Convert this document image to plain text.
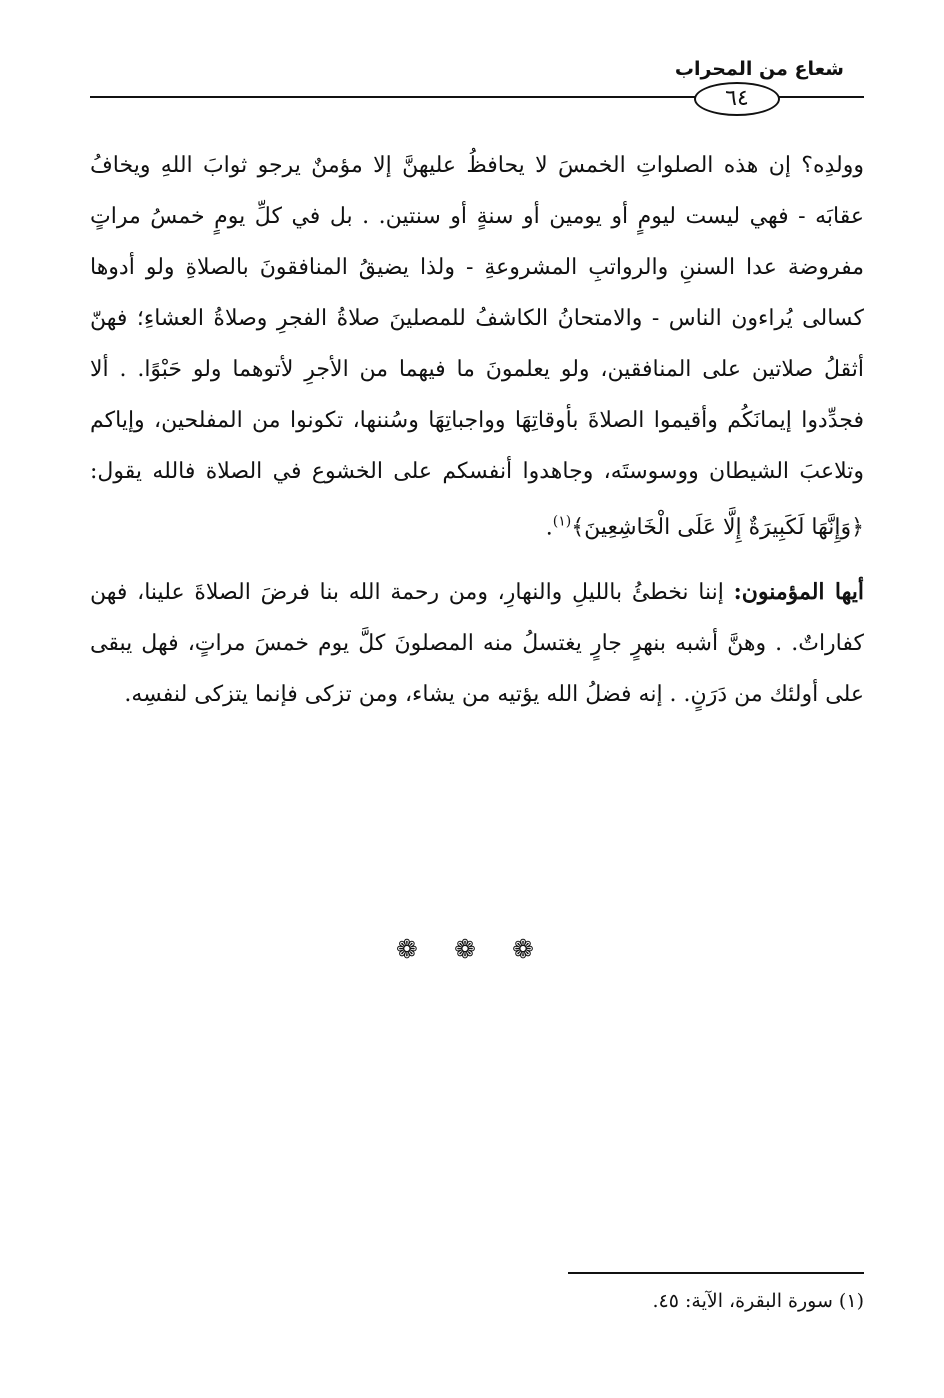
شعاع من المحراب
٦٤

وولدِه؟ إن هذه الصلواتِ الخمسَ لا يحافظُ عليهنَّ إلا مؤمنٌ يرجو ثوابَ اللهِ ويخافُ عقابَه - فهي ليست ليومٍ أو يومين أو سنةٍ أو سنتين. . بل في كلِّ يومٍ خمسُ مراتٍ مفروضة عدا السننِ والرواتبِ المشروعةِ - ولذا يضيقُ المنافقونَ بالصلاةِ ولو أدوها كسالى يُراءون الناس - والامتحانُ الكاشفُ للمصلينَ صلاةُ الفجرِ وصلاةُ العشاءِ؛ فهنّ أثقلُ صلاتين على المنافقين، ولو يعلمونَ ما فيهما من الأجرِ لأتوهما ولو حَبْوًا. . ألا فجدِّدوا إيمانَكُم وأقيموا الصلاةَ بأوقاتِهَا وواجباتِهَا وسُننها، تكونوا من المفلحين، وإياكم وتلاعبَ الشيطان ووسوستَه، وجاهدوا أنفسكم على الخشوع في الصلاة فالله يقول: ﴿وَإِنَّهَا لَكَبِيرَةٌ إِلَّا عَلَى الْخَاشِعِينَ﴾$^{(١)}$.

أيها المؤمنون: إننا نخطئُ بالليلِ والنهارِ، ومن رحمة الله بنا فرضَ الصلاةَ علينا، فهن كفاراتٌ. . وهنَّ أشبه بنهرٍ جارٍ يغتسلُ منه المصلونَ كلَّ يوم خمسَ مراتٍ، فهل يبقى على أولئك من دَرَنٍ. . إنه فضلُ الله يؤتيه من يشاء، ومن تزكى فإنما يتزكى لنفسِه.

❁ ❁ ❁
(١) سورة البقرة، الآية: ٤٥.
